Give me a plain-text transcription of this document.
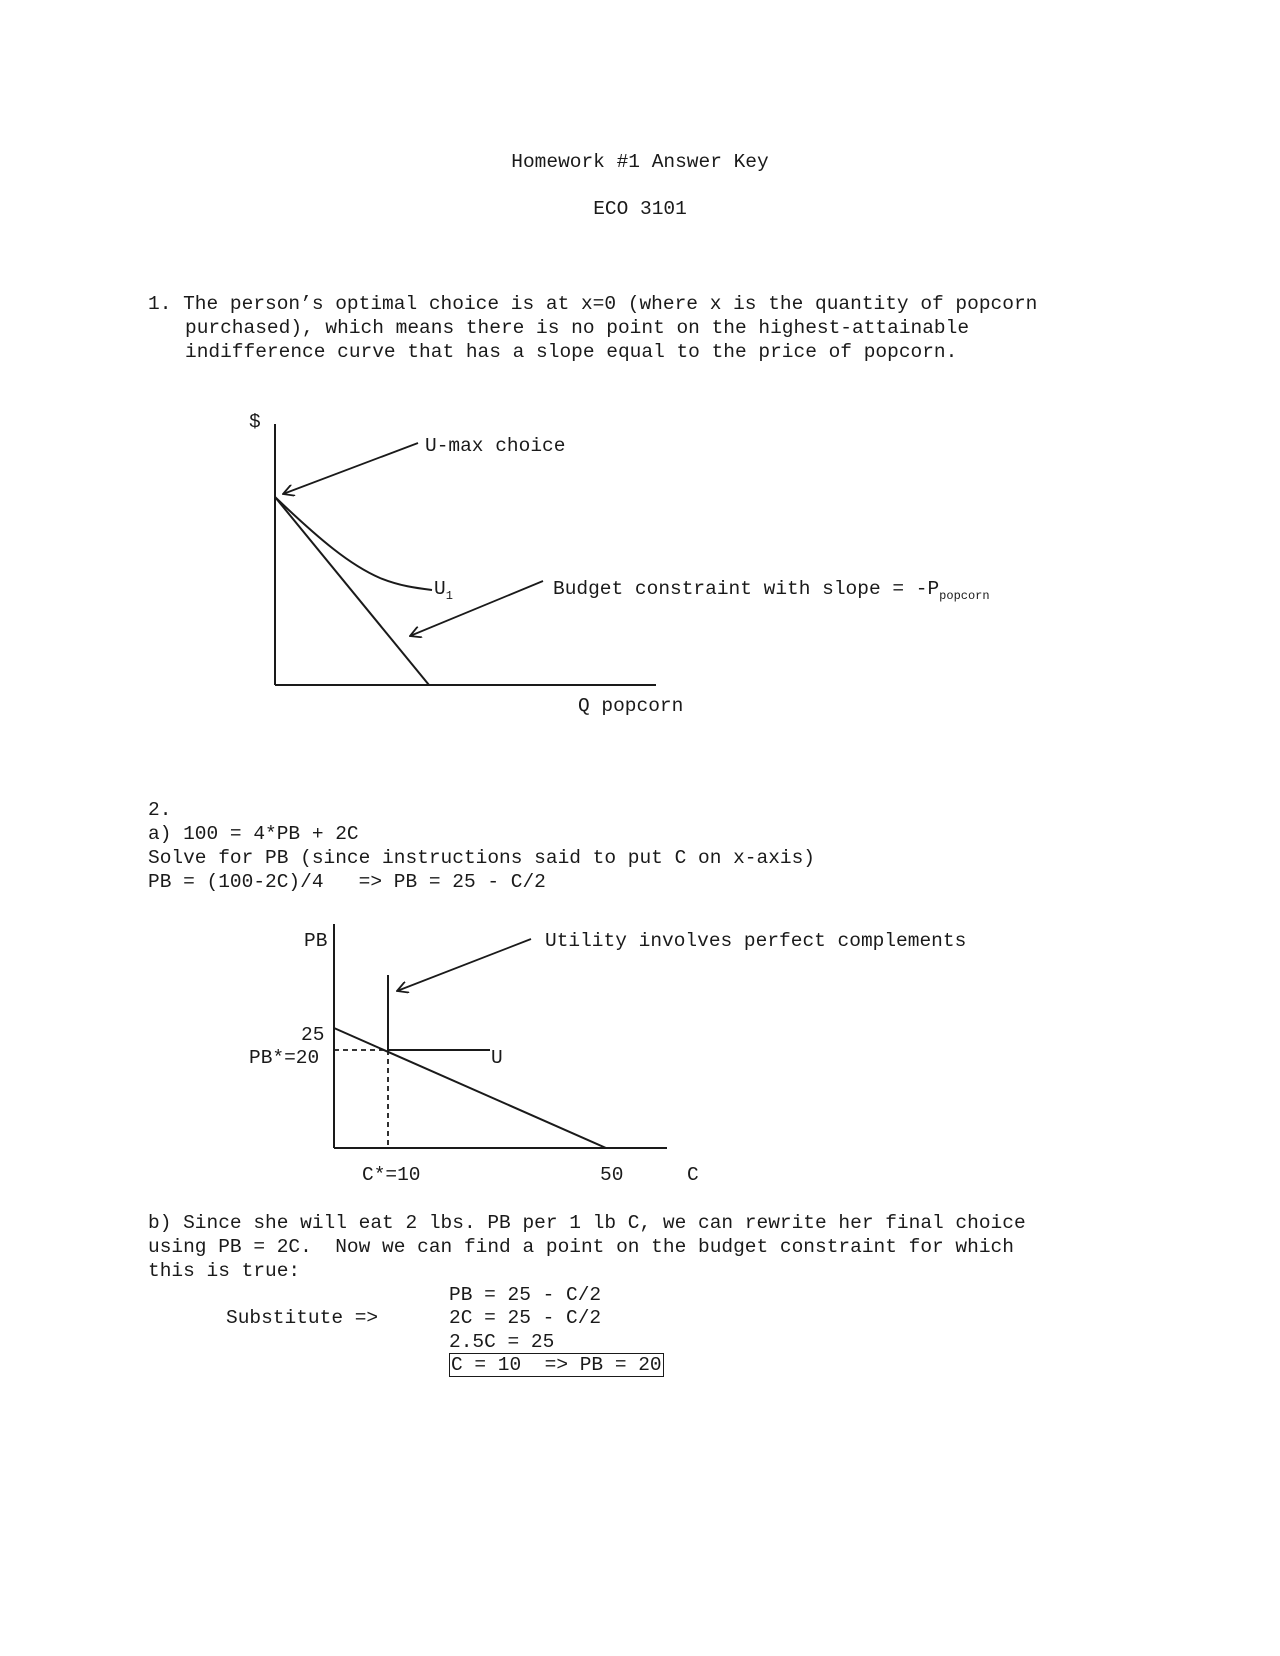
Homework #1 Answer Key
ECO 3101
1. The person’s optimal choice is at x=0 (where x is the quantity of popcorn
purchased), which means there is no point on the highest-attainable
indifference curve that has a slope equal to the price of popcorn.
$
U-max choice
$U_1$	Budget constraint with slope = $-P_{popcorn}$
Q popcorn
2.
a) 100 = 4*PB + 2C
Solve for PB (since instructions said to put C on x-axis)
PB = (100-2C)/4   => PB = 25 - C/2
PB	Utility involves perfect complements
25
PB*=20	U
C*=10	50	C
b) Since she will eat 2 lbs. PB per 1 lb C, we can rewrite her final choice
using PB = 2C.  Now we can find a point on the budget constraint for which
this is true:
Substitute =>
PB = 25 - C/2
2C = 25 - C/2
2.5C = 25
C = 10  => PB = 20
